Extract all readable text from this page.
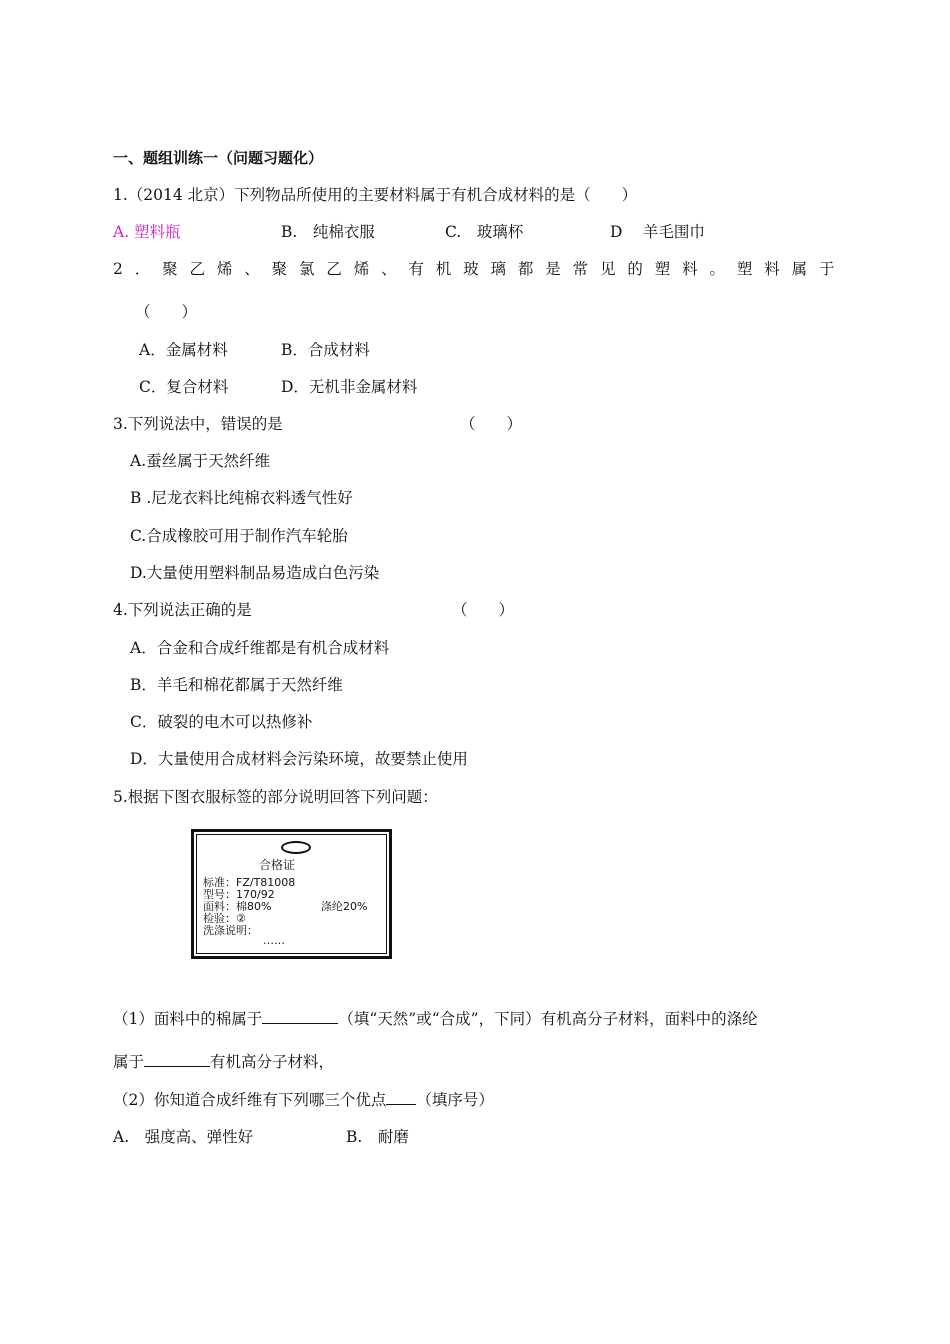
一、题组训练一（问题习题化）
1.（2014 北京）下列物品所使用的主要材料属于有机合成材料的是（　　）
A. 塑料瓶	B.　纯棉衣服	C.　玻璃杯	D　 羊毛围巾
2．聚乙烯、聚氯乙烯、有机玻璃都是常见的塑料。塑料属于
（　　）
A．金属材料	B．合成材料
C．复合材料	D．无机非金属材料
3.下列说法中，错误的是	（　　）
A.蚕丝属于天然纤维
B .尼龙衣料比纯棉衣料透气性好
C.合成橡胶可用于制作汽车轮胎
D.大量使用塑料制品易造成白色污染
4.下列说法正确的是	（　　）
A．合金和合成纤维都是有机合成材料
B．羊毛和棉花都属于天然纤维
C．破裂的电木可以热修补
D．大量使用合成材料会污染环境，故要禁止使用
5.根据下图衣服标签的部分说明回答下列问题：
合格证
标准：FZ/T81008
型号：170/92
面料：棉80%	涤纶20%
检验：②
洗涤说明：
……
（1）面料中的棉属于	（填“天然”或“合成”，下同）有机高分子材料，面料中的涤纶
属于	有机高分子材料，
（2）你知道合成纤维有下列哪三个优点 （填序号）
A.　强度高、弹性好	B.　耐磨
